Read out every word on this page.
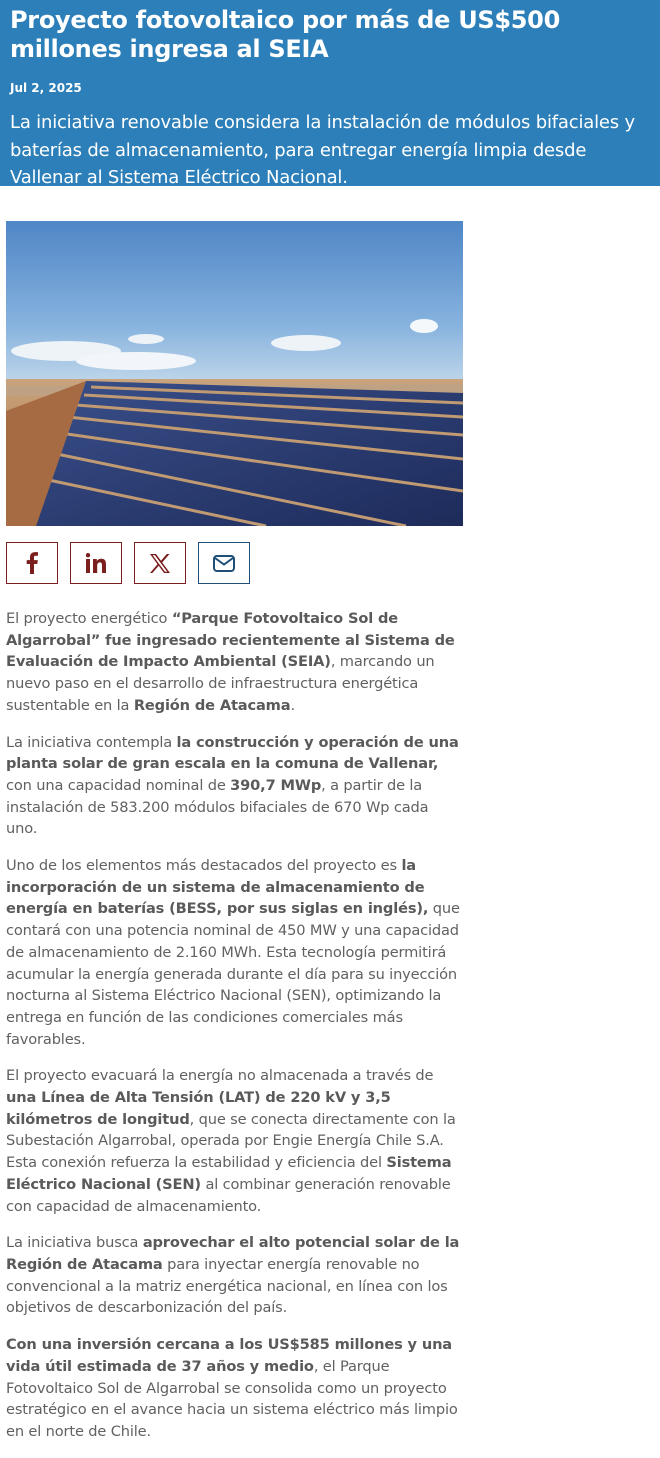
Proyecto fotovoltaico por más de US$500 millones ingresa al SEIA
Jul 2, 2025
La iniciativa renovable considera la instalación de módulos bifaciales y baterías de almacenamiento, para entregar energía limpia desde Vallenar al Sistema Eléctrico Nacional.

El proyecto energético “Parque Fotovoltaico Sol de Algarrobal” fue ingresado recientemente al Sistema de Evaluación de Impacto Ambiental (SEIA), marcando un nuevo paso en el desarrollo de infraestructura energética sustentable en la Región de Atacama.

La iniciativa contempla la construcción y operación de una planta solar de gran escala en la comuna de Vallenar, con una capacidad nominal de 390,7 MWp, a partir de la instalación de 583.200 módulos bifaciales de 670 Wp cada uno.

Uno de los elementos más destacados del proyecto es la incorporación de un sistema de almacenamiento de energía en baterías (BESS, por sus siglas en inglés), que contará con una potencia nominal de 450 MW y una capacidad de almacenamiento de 2.160 MWh. Esta tecnología permitirá acumular la energía generada durante el día para su inyección nocturna al Sistema Eléctrico Nacional (SEN), optimizando la entrega en función de las condiciones comerciales más favorables.

El proyecto evacuará la energía no almacenada a través de una Línea de Alta Tensión (LAT) de 220 kV y 3,5 kilómetros de longitud, que se conecta directamente con la Subestación Algarrobal, operada por Engie Energía Chile S.A. Esta conexión refuerza la estabilidad y eficiencia del Sistema Eléctrico Nacional (SEN) al combinar generación renovable con capacidad de almacenamiento.

La iniciativa busca aprovechar el alto potencial solar de la Región de Atacama para inyectar energía renovable no convencional a la matriz energética nacional, en línea con los objetivos de descarbonización del país.

Con una inversión cercana a los US$585 millones y una vida útil estimada de 37 años y medio, el Parque Fotovoltaico Sol de Algarrobal se consolida como un proyecto estratégico en el avance hacia un sistema eléctrico más limpio en el norte de Chile.
